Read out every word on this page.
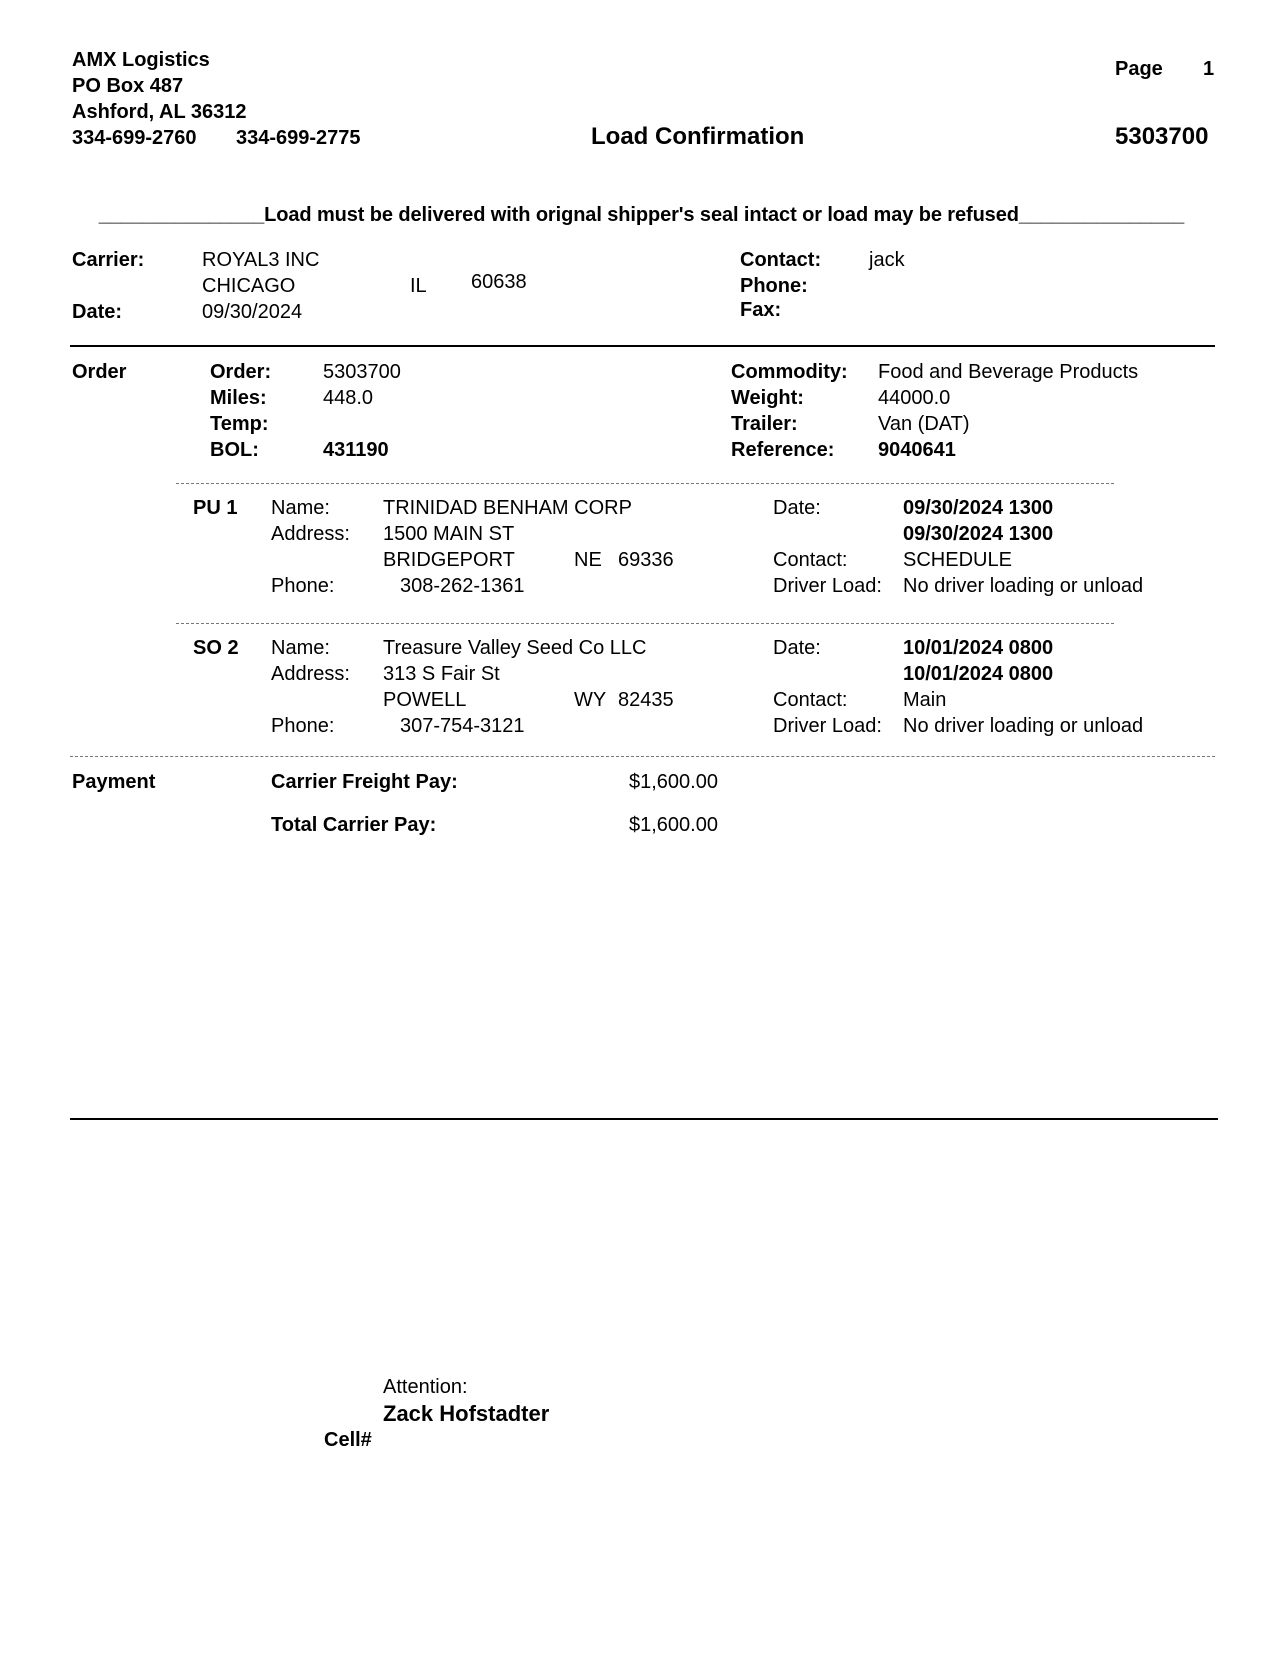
AMX Logistics
PO Box 487
Ashford, AL 36312
334-699-2760 334-699-2775
Page 1
Load Confirmation	5303700
_______________Load must be delivered with orignal shipper's seal intact or load may be refused_______________
Carrier:	ROYAL3 INC
CHICAGO	IL 60638
Date:	09/30/2024
Contact: jack
Phone:
Fax:
Order	Order:	5303700
Miles:	448.0
Temp:
BOL:	431190
Commodity: Food and Beverage Products
Weight:	44000.0
Trailer:	Van (DAT)
Reference: 9040641
PU 1 Name:	TRINIDAD BENHAM CORP
Address: 1500 MAIN ST
BRIDGEPORT	NE 69336
Phone:	308-262-1361
Date:	09/30/2024 1300
09/30/2024 1300
Contact:	SCHEDULE
Driver Load: No driver loading or unload
SO 2 Name:	Treasure Valley Seed Co LLC
Address: 313 S Fair St
POWELL	WY 82435
Phone:	307-754-3121
Date:	10/01/2024 0800
10/01/2024 0800
Contact:	Main
Driver Load: No driver loading or unload
Payment	Carrier Freight Pay:	$1,600.00
Total Carrier Pay:	$1,600.00
Attention:
Zack Hofstadter
Cell#
